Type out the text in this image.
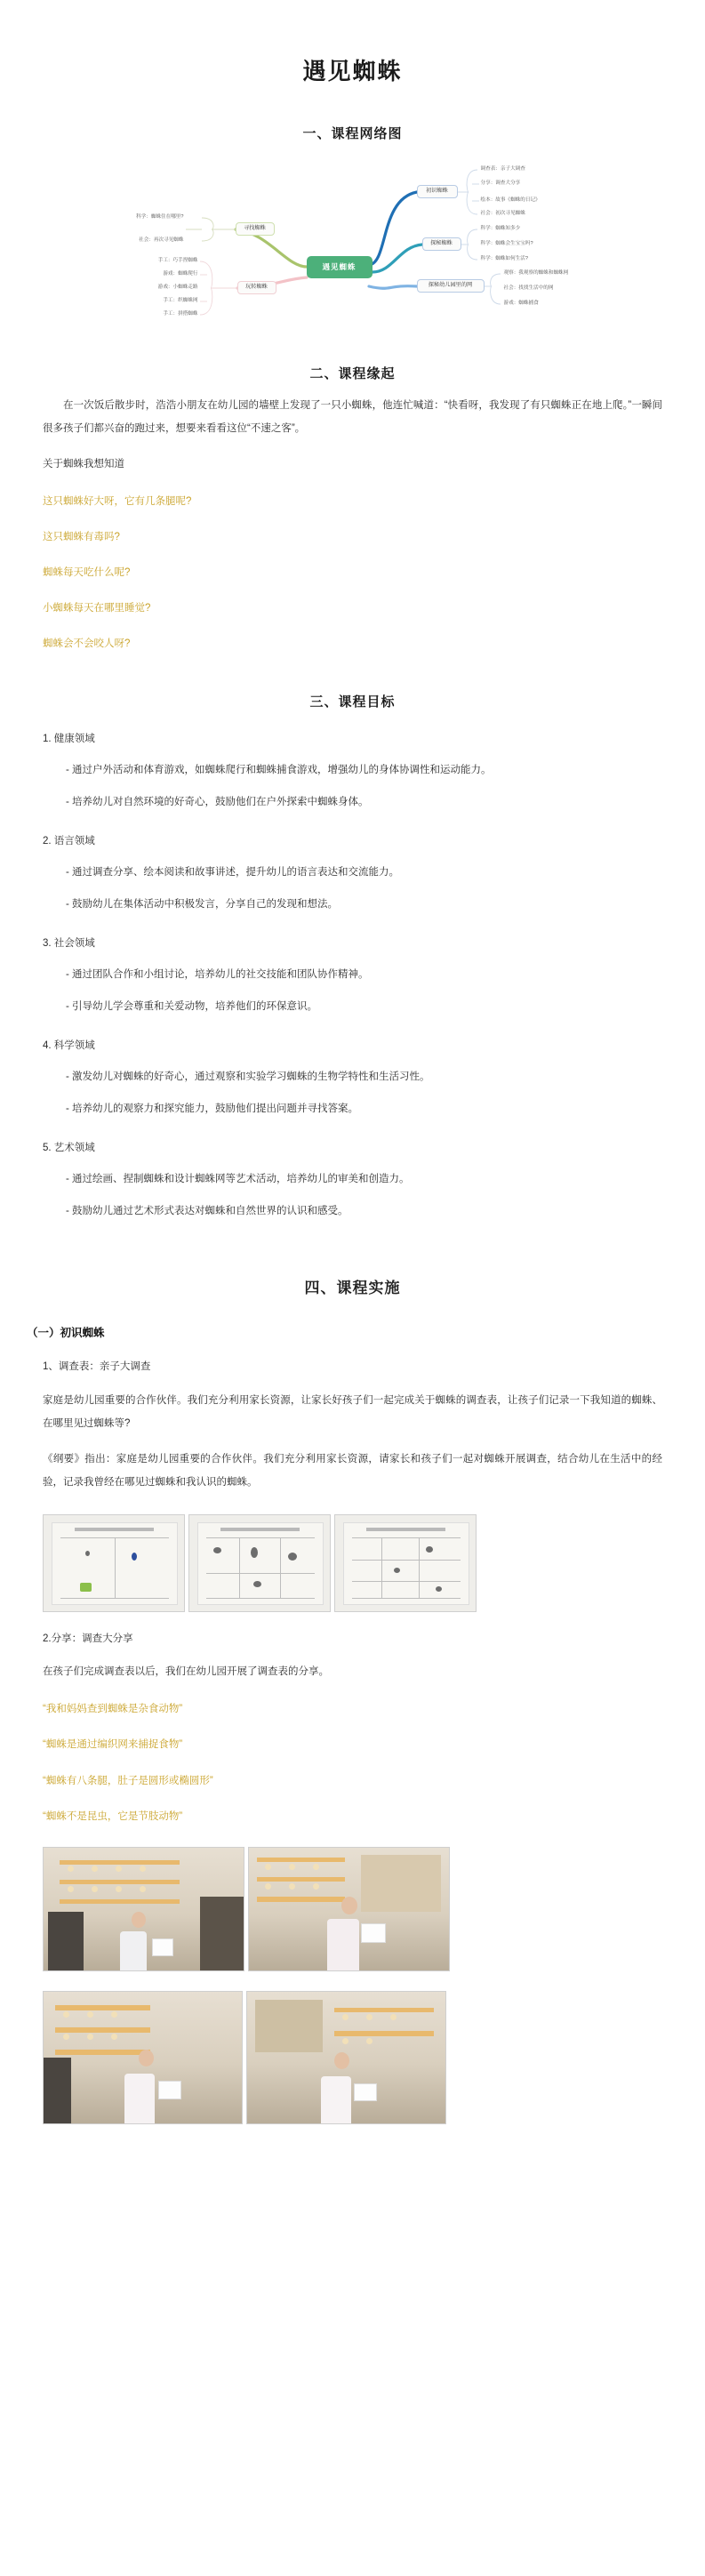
遇见蜘蛛
一、课程网络图
遇见蜘蛛
寻找蜘蛛
玩转蜘蛛
初识蜘蛛
探秘蜘蛛
探秘幼儿园里的网
科学：蜘蛛住在哪里?
社会：再次寻见蜘蛛
手工：巧手捏蜘蛛
游戏：蜘蛛爬行
游戏：小蜘蛛走路
手工：织蜘蛛网
手工：拼搭蜘蛛
调查表：亲子大调查
分享：调查大分享
绘本：故事《蜘蛛的日记》
社会：初次寻见蜘蛛
科学：蜘蛛知多少
科学：蜘蛛会生宝宝吗?
科学：蜘蛛如何生活?
观察：我观察的蜘蛛和蜘蛛网
社会：找找生活中的网
游戏：蜘蛛捕食
二、课程缘起

在一次饭后散步时，浩浩小朋友在幼儿园的墙壁上发现了一只小蜘蛛，他连忙喊道：“快看呀，我发现了有只蜘蛛正在地上爬。”一瞬间很多孩子们都兴奋的跑过来，想要来看看这位“不速之客”。

关于蜘蛛我想知道

这只蜘蛛好大呀，它有几条腿呢?

这只蜘蛛有毒吗?

蜘蛛每天吃什么呢?

小蜘蛛每天在哪里睡觉?

蜘蛛会不会咬人呀?

三、课程目标

1. 健康领域

- 通过户外活动和体育游戏，如蜘蛛爬行和蜘蛛捕食游戏，增强幼儿的身体协调性和运动能力。

- 培养幼儿对自然环境的好奇心，鼓励他们在户外探索中蜘蛛身体。

2. 语言领域

- 通过调查分享、绘本阅读和故事讲述，提升幼儿的语言表达和交流能力。

- 鼓励幼儿在集体活动中积极发言，分享自己的发现和想法。

3. 社会领域

- 通过团队合作和小组讨论，培养幼儿的社交技能和团队协作精神。

- 引导幼儿学会尊重和关爱动物，培养他们的环保意识。

4. 科学领域

- 激发幼儿对蜘蛛的好奇心，通过观察和实验学习蜘蛛的生物学特性和生活习性。

- 培养幼儿的观察力和探究能力，鼓励他们提出问题并寻找答案。

5. 艺术领域

- 通过绘画、捏制蜘蛛和设计蜘蛛网等艺术活动，培养幼儿的审美和创造力。

- 鼓励幼儿通过艺术形式表达对蜘蛛和自然世界的认识和感受。

四、课程实施
（一）初识蜘蛛

1、调查表：亲子大调查

家庭是幼儿园重要的合作伙伴。我们充分利用家长资源，让家长好孩子们一起完成关于蜘蛛的调查表，让孩子们记录一下我知道的蜘蛛、在哪里见过蜘蛛等?

《纲要》指出：家庭是幼儿园重要的合作伙伴。我们充分利用家长资源，请家长和孩子们一起对蜘蛛开展调查，结合幼儿在生活中的经验，记录我曾经在哪见过蜘蛛和我认识的蜘蛛。

2.分享：调查大分享

在孩子们完成调查表以后，我们在幼儿园开展了调查表的分享。

“我和妈妈查到蜘蛛是杂食动物”

“蜘蛛是通过编织网来捕捉食物”

“蜘蛛有八条腿，肚子是圆形或椭圆形”

“蜘蛛不是昆虫，它是节肢动物”
